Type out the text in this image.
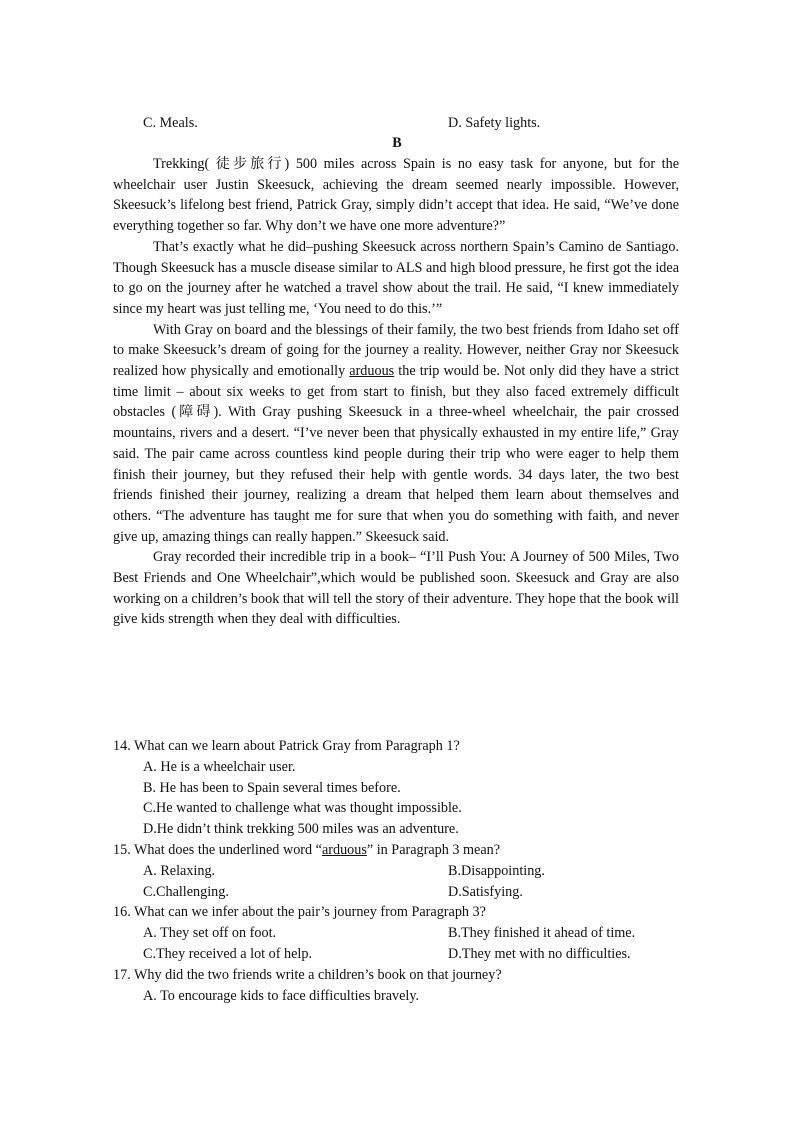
C. Meals.	D. Safety lights.
B

Trekking( 徒步旅行) 500 miles across Spain is no easy task for anyone, but for the wheelchair user Justin Skeesuck, achieving the dream seemed nearly impossible. However, Skeesuck’s lifelong best friend, Patrick Gray, simply didn’t accept that idea. He said, “We’ve done everything together so far. Why don’t we have one more adventure?”

That’s exactly what he did–pushing Skeesuck across northern Spain’s Camino de Santiago. Though Skeesuck has a muscle disease similar to ALS and high blood pressure, he first got the idea to go on the journey after he watched a travel show about the trail. He said, “I knew immediately since my heart was just telling me, ‘You need to do this.’”

With Gray on board and the blessings of their family, the two best friends from Idaho set off to make Skeesuck’s dream of going for the journey a reality. However, neither Gray nor Skeesuck realized how physically and emotionally arduous the trip would be. Not only did they have a strict time limit – about six weeks to get from start to finish, but they also faced extremely difficult obstacles (障碍). With Gray pushing Skeesuck in a three-wheel wheelchair, the pair crossed mountains, rivers and a desert. “I’ve never been that physically exhausted in my entire life,” Gray said. The pair came across countless kind people during their trip who were eager to help them finish their journey, but they refused their help with gentle words. 34 days later, the two best friends finished their journey, realizing a dream that helped them learn about themselves and others. “The adventure has taught me for sure that when you do something with faith, and never give up, amazing things can really happen.” Skeesuck said.

Gray recorded their incredible trip in a book– “I’ll Push You: A Journey of 500 Miles, Two Best Friends and One Wheelchair”,which would be published soon. Skeesuck and Gray are also working on a children’s book that will tell the story of their adventure. They hope that the book will give kids strength when they deal with difficulties.

14. What can we learn about Patrick Gray from Paragraph 1?

A. He is a wheelchair user.

B. He has been to Spain several times before.

C.He wanted to challenge what was thought impossible.

D.He didn’t think trekking 500 miles was an adventure.

15. What does the underlined word “arduous” in Paragraph 3 mean?

A. Relaxing.	B.Disappointing.
C.Challenging.	D.Satisfying.

16. What can we infer about the pair’s journey from Paragraph 3?

A. They set off on foot.	B.They finished it ahead of time.
C.They received a lot of help.	D.They met with no difficulties.

17. Why did the two friends write a children’s book on that journey?

A. To encourage kids to face difficulties bravely.
